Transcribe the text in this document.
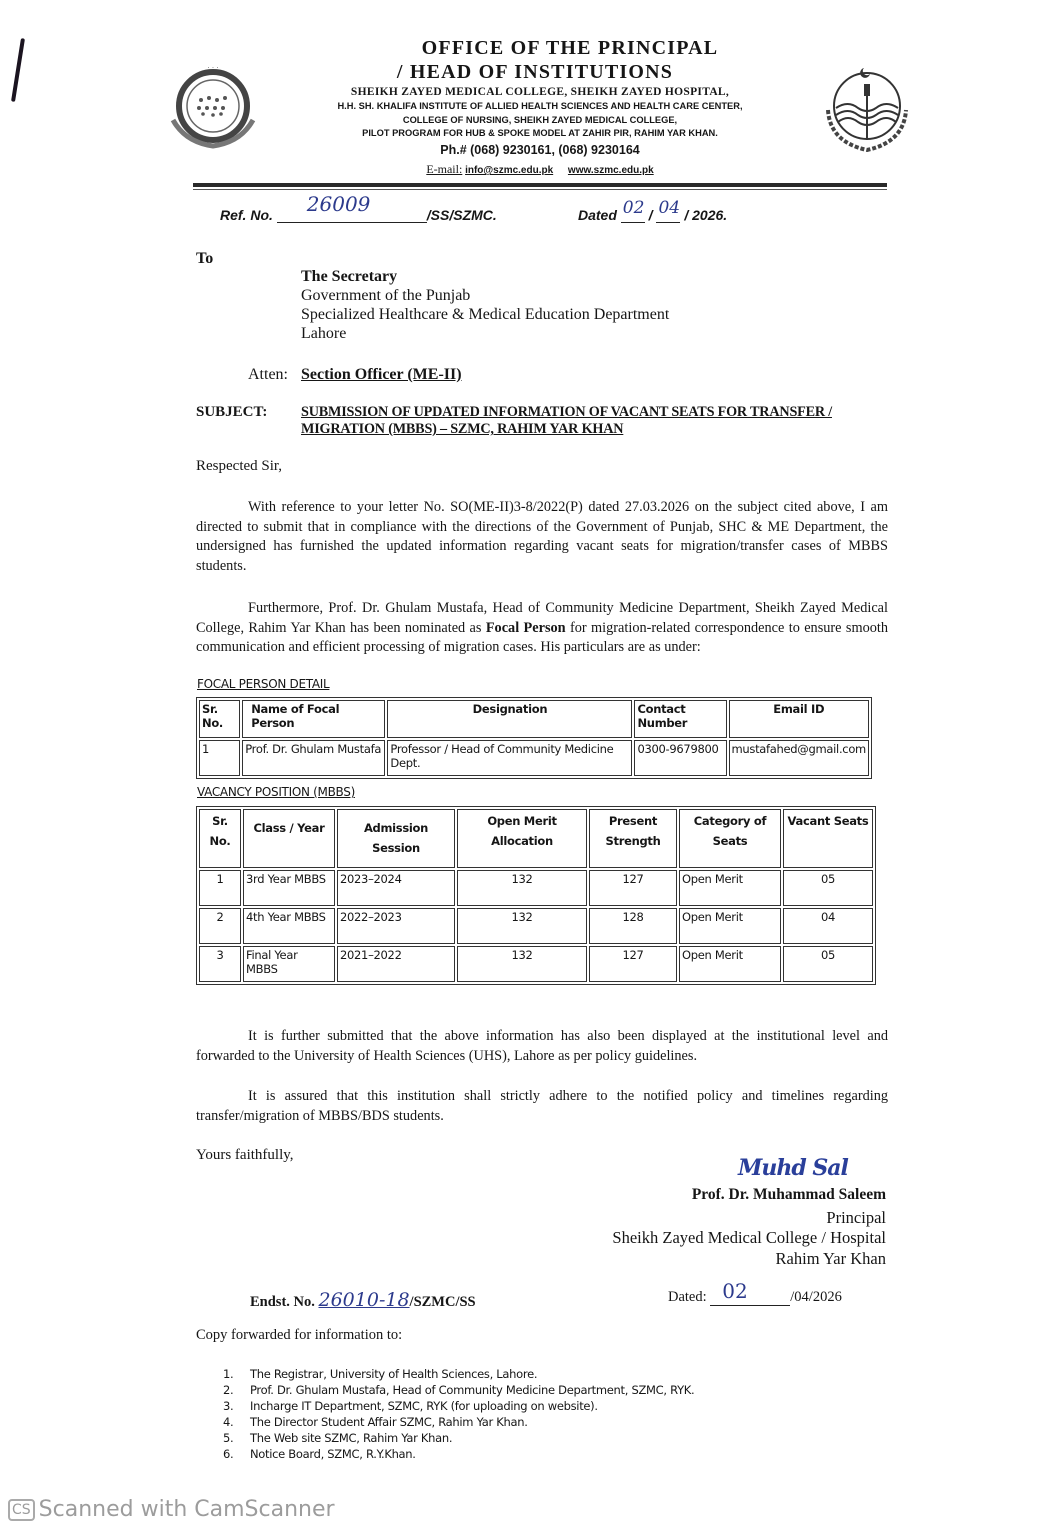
· · ·
OFFICE OF THE PRINCIPAL
/ HEAD OF INSTITUTIONS
SHEIKH ZAYED MEDICAL COLLEGE, SHEIKH ZAYED HOSPITAL,
H.H. SH. KHALIFA INSTITUTE OF ALLIED HEALTH SCIENCES AND HEALTH CARE CENTER,
COLLEGE OF NURSING, SHEIKH ZAYED MEDICAL COLLEGE,
PILOT PROGRAM FOR HUB & SPOKE MODEL AT ZAHIR PIR, RAHIM YAR KHAN.
Ph.# (068) 9230161, (068) 9230164
E-mail: info@szmc.edu.pk www.szmc.edu.pk
Ref. No. 26009	/SS/SZMC.	Dated 02 / 04 / 2026.
To
The Secretary
Government of the Punjab
Specialized Healthcare & Medical Education Department
Lahore
Atten: Section Officer (ME-II)
SUBJECT: SUBMISSION OF UPDATED INFORMATION OF VACANT SEATS FOR TRANSFER / MIGRATION (MBBS) – SZMC, RAHIM YAR KHAN
Respected Sir,
With reference to your letter No. SO(ME-II)3-8/2022(P) dated 27.03.2026 on the subject cited above, I am directed to submit that in compliance with the directions of the Government of Punjab, SHC & ME Department, the undersigned has furnished the updated information regarding vacant seats for migration/transfer cases of MBBS students.
Furthermore, Prof. Dr. Ghulam Mustafa, Head of Community Medicine Department, Sheikh Zayed Medical College, Rahim Yar Khan has been nominated as Focal Person for migration-related correspondence to ensure smooth communication and efficient processing of migration cases. His particulars are as under:
FOCAL PERSON DETAIL
Sr. No.	Name of Focal Person	Designation	Contact Number	Email ID
1	Prof. Dr. Ghulam Mustafa	Professor / Head of Community Medicine Dept.	0300-9679800	mustafahed@gmail.com
VACANCY POSITION (MBBS)
Sr. No.	Class / Year	Admission Session	Open Merit Allocation	Present Strength	Category of Seats	Vacant Seats
1	3rd Year MBBS	2023–2024	132	127	Open Merit	05
2	4th Year MBBS	2022–2023	132	128	Open Merit	04
3	Final Year MBBS	2021–2022	132	127	Open Merit	05
It is further submitted that the above information has also been displayed at the institutional level and forwarded to the University of Health Sciences (UHS), Lahore as per policy guidelines.
It is assured that this institution shall strictly adhere to the notified policy and timelines regarding transfer/migration of MBBS/BDS students.
Yours faithfully,	Muhd Sal
Prof. Dr. Muhammad Saleem
Principal
Sheikh Zayed Medical College / Hospital
Rahim Yar Khan
Endst. No. 26010-18/SZMC/SS	Dated: 02	/04/2026
Copy forwarded for information to:
1.	The Registrar, University of Health Sciences, Lahore.
2.	Prof. Dr. Ghulam Mustafa, Head of Community Medicine Department, SZMC, RYK.
3.	Incharge IT Department, SZMC, RYK (for uploading on website).
4.	The Director Student Affair SZMC, Rahim Yar Khan.
5.	The Web site SZMC, Rahim Yar Khan.
6.	Notice Board, SZMC, R.Y.Khan.
CS Scanned with CamScanner
